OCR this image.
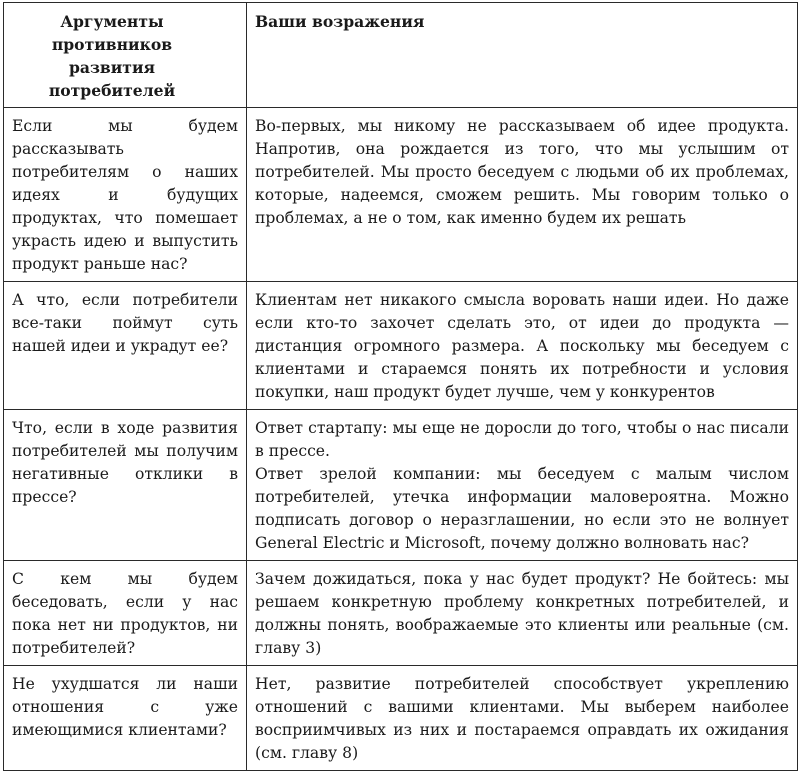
Аргументы противников развития потребителей	Ваши возражения
Если мы будем рассказывать потребителям о наших идеях и будущих продуктах, что помешает украсть идею и выпустить продукт раньше нас?	Во-первых, мы никому не рассказываем об идее продукта. Напротив, она рождается из того, что мы услышим от потребителей. Мы просто беседуем с людьми об их проблемах, которые, надеемся, сможем решить. Мы говорим только о проблемах, а не о том, как именно будем их решать

А что, если потребители все-таки поймут суть нашей идеи и украдут ее?	Клиентам нет никакого смысла воровать наши идеи. Но даже если кто-то захочет сделать это, от идеи до продукта — дистанция огромного размера. А поскольку мы беседуем с клиентами и стараемся понять их потребности и условия покупки, наш продукт будет лучше, чем у конкурентов

Что, если в ходе развития потребителей мы получим негативные отклики в прессе?	Ответ стартапу: мы еще не доросли до того, чтобы о нас писали в прессе.

Ответ зрелой компании: мы беседуем с малым числом потребителей, утечка информации маловероятна. Можно подписать договор о неразглашении, но если это не волнует General Electric и Microsoft, почему должно волновать нас?

С кем мы будем беседовать, если у нас пока нет ни продуктов, ни потребителей?	Зачем дожидаться, пока у нас будет продукт? Не бойтесь: мы решаем конкретную проблему конкретных потребителей, и должны понять, воображаемые это клиенты или реальные (см. главу 3)

Не ухудшатся ли наши отношения с уже имеющимися клиентами?	Нет, развитие потребителей способствует укреплению отношений с вашими клиентами. Мы выберем наиболее восприимчивых из них и постараемся оправдать их ожидания (см. главу 8)
